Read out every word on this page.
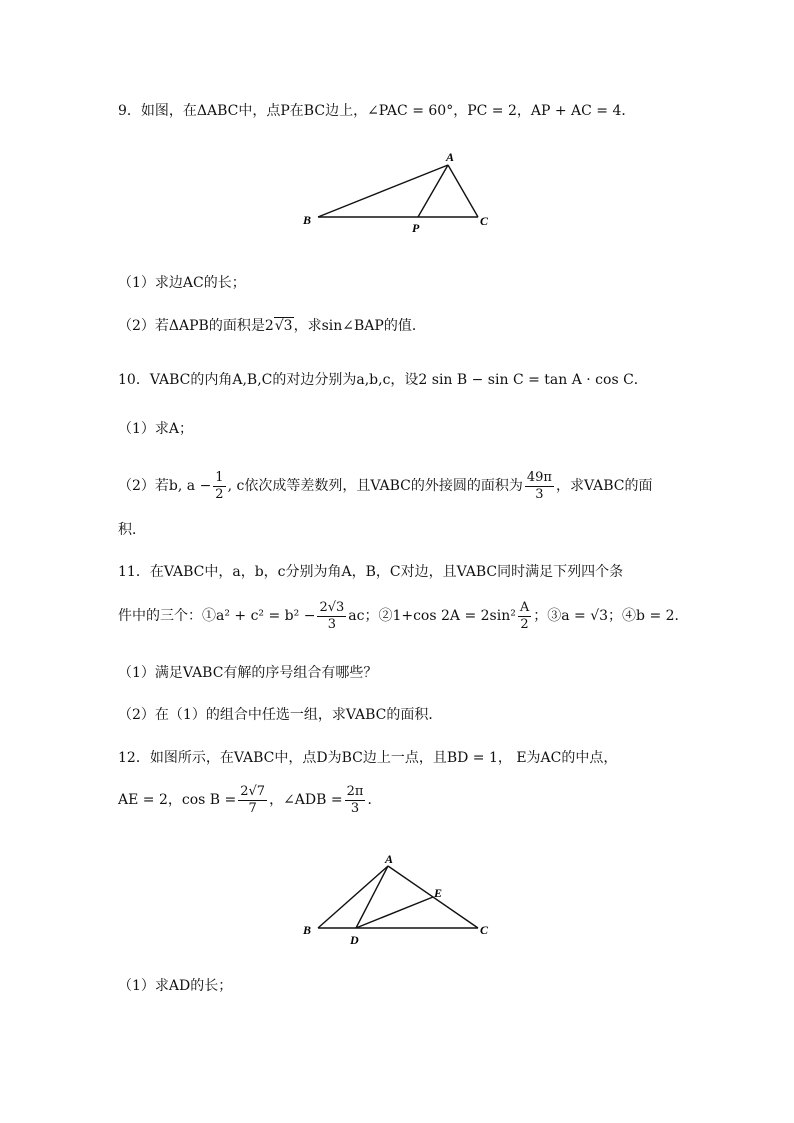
9．如图，在ΔABC中，点P在BC边上，∠PAC = 60°，PC = 2，AP + AC = 4．
A
B	C
P
（1）求边AC的长；
（2）若ΔAPB的面积是2√3，求sin∠BAP的值．
10．VABC的内角A,B,C的对边分别为a,b,c，设2 sin B − sin C = tan A · cos C．
（1）求A；
（2）若b, $a - \frac{1}{2}$ , c依次成等差数列，且VABC的外接圆的面积为 $\frac{49\pi}{3}$ ，求VABC的面
积．
11．在VABC中，a，b，c分别为角A，B，C对边，且VABC同时满足下列四个条
件中的三个：①a² + $c^2 = b^2 - \frac{2√3}{3}$ ac；②1+cos $2A = 2\sin^2 \frac{A}{2}$ ；③a = √3；④b = 2．
（1）满足VABC有解的序号组合有哪些？
（2）在（1）的组合中任选一组，求VABC的面积．
12．如图所示，在VABC中，点D为BC边上一点，且BD = 1， E为AC的中点，
AE = 2，$\cos B = \frac{2√7}{7}$ ，∠ADB = $\frac{2\pi}{3}$ ．
A
B	C
D
E
（1）求AD的长；
